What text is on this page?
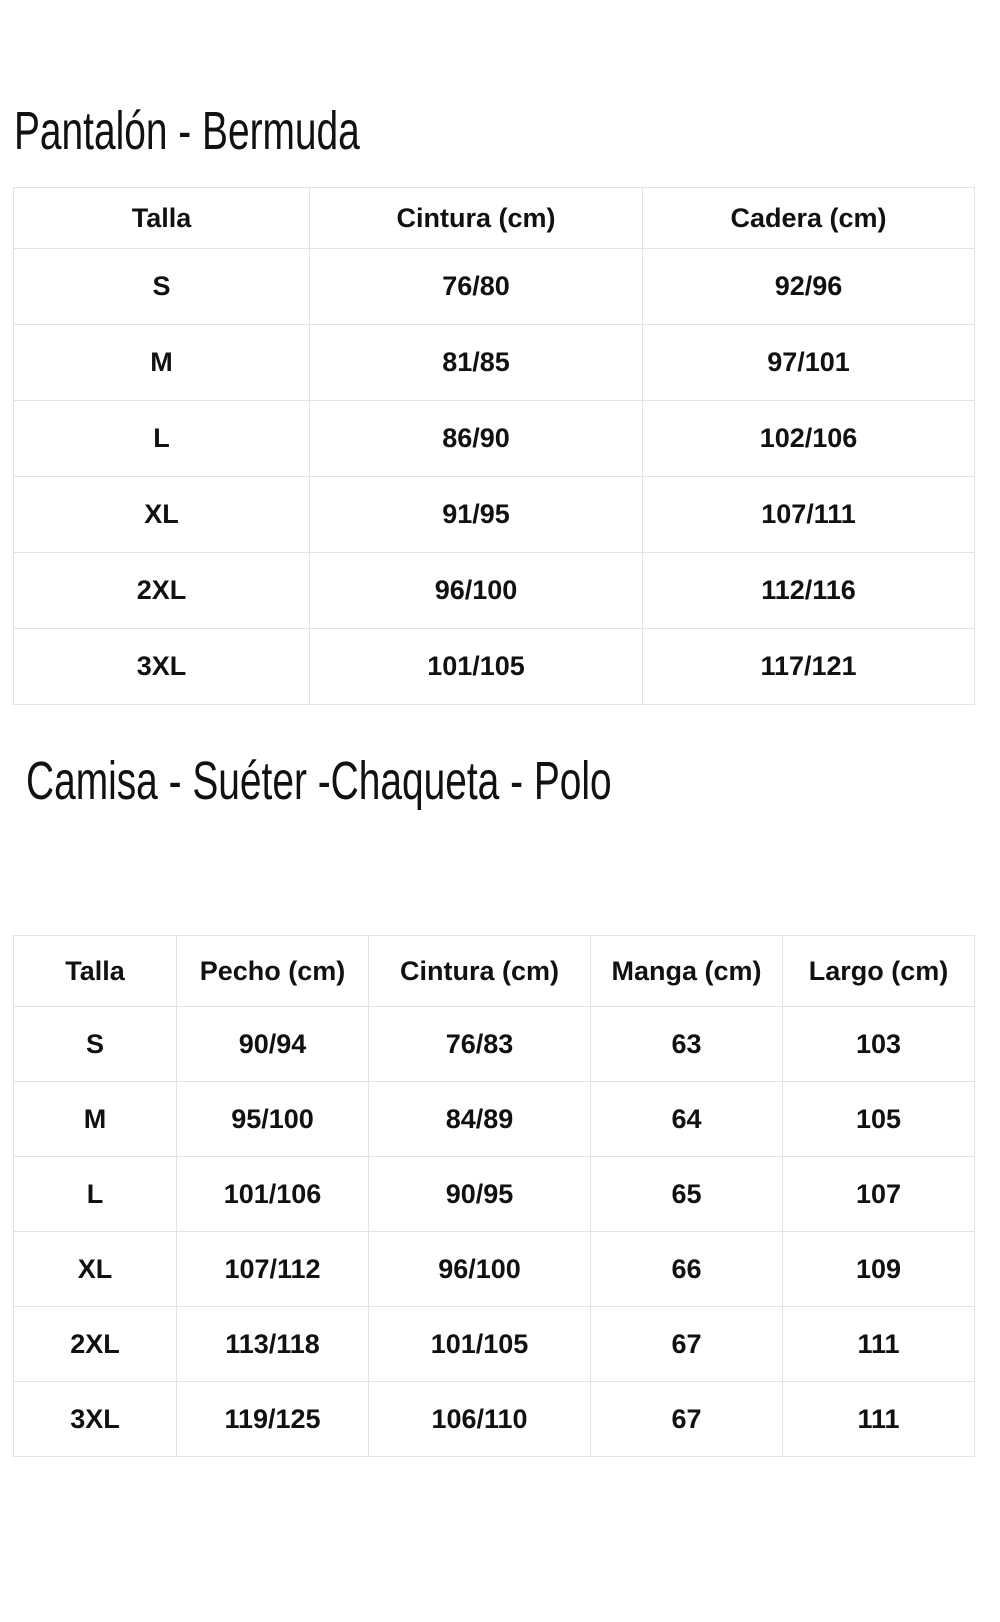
Pantalón - Bermuda
Talla	Cintura (cm)	Cadera (cm)
S	76/80	92/96
M	81/85	97/101
L	86/90	102/106
XL	91/95	107/111
2XL	96/100	112/116
3XL	101/105	117/121
Camisa - Suéter -Chaqueta - Polo
Talla	Pecho (cm)	Cintura (cm)	Manga (cm)	Largo (cm)
S	90/94	76/83	63	103
M	95/100	84/89	64	105
L	101/106	90/95	65	107
XL	107/112	96/100	66	109
2XL	113/118	101/105	67	111
3XL	119/125	106/110	67	111
